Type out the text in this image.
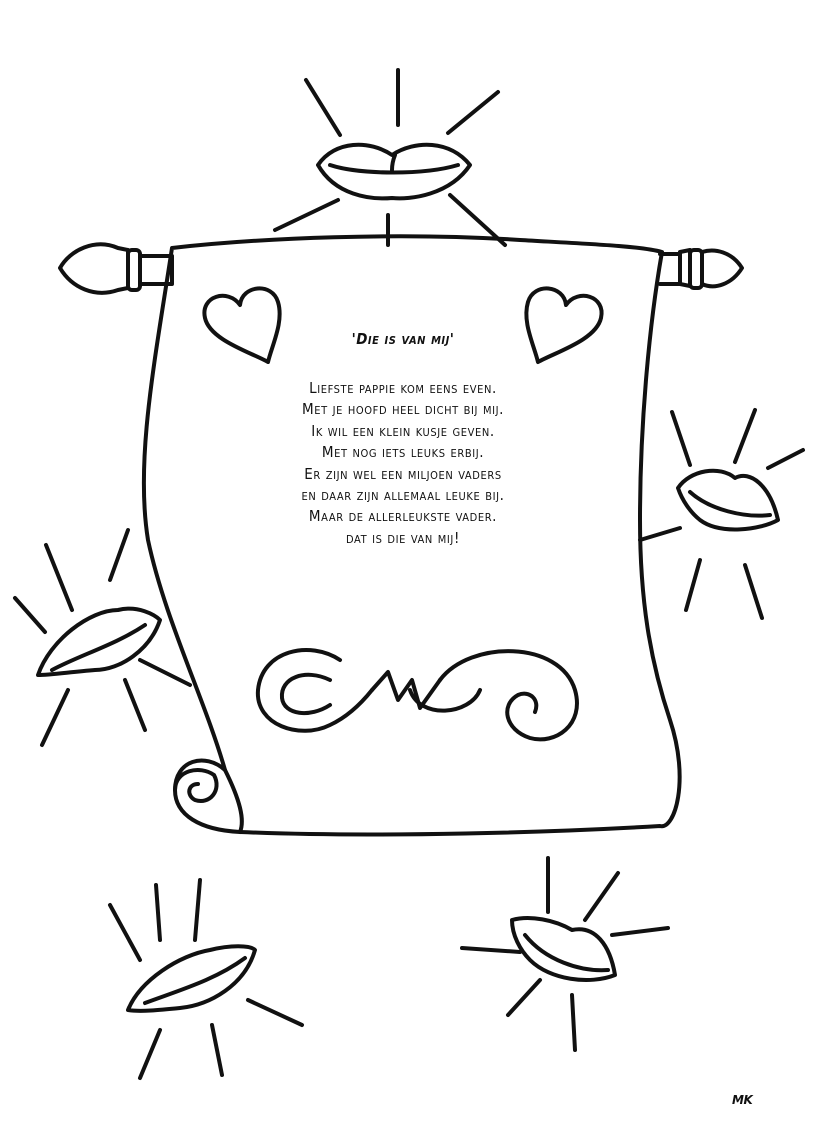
'Die is van mij'

Liefste pappie kom eens even.

Met je hoofd heel dicht bij mij.

Ik wil een klein kusje geven.

Met nog iets leuks erbij.

Er zijn wel een miljoen vaders

en daar zijn allemaal leuke bij.

Maar de allerleukste vader.

dat is die van mij!

MK
